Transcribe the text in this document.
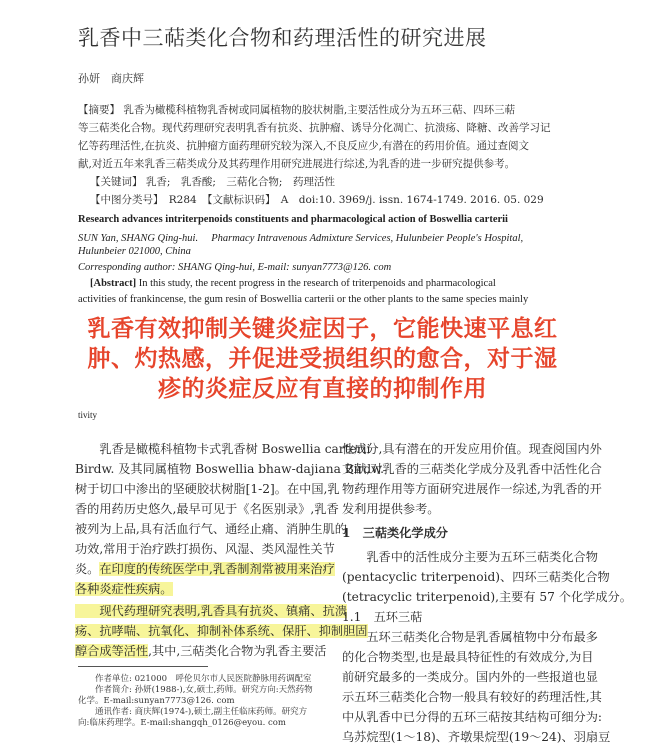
乳香中三萜类化合物和药理活性的研究进展
孙妍　商庆辉
【摘要】 乳香为橄榄科植物乳香树或同属植物的胶状树脂,主要活性成分为五环三萜、四环三萜
等三萜类化合物。现代药理研究表明乳香有抗炎、抗肿瘤、诱导分化凋亡、抗溃疡、降糖、改善学习记
忆等药理活性,在抗炎、抗肿瘤方面药理研究较为深入,不良反应少,有潜在的药用价值。通过查阅文
献,对近五年来乳香三萜类成分及其药理作用研究进展进行综述,为乳香的进一步研究提供参考。
【关键词】 乳香;　乳香酸;　三萜化合物;　药理活性
【中图分类号】　R284　【文献标识码】　A　doi:10. 3969/j. issn. 1674-1749. 2016. 05. 029
Research advances intriterpenoids constituents and pharmacological action of Boswellia carterii
SUN Yan, SHANG Qing-hui.　 Pharmacy Intravenous Admixture Services, Hulunbeier People's Hospital,
Hulunbeier 021000, China
Corresponding author: SHANG Qing-hui, E-mail: sunyan7773@126. com
[Abstract] In this study, the recent progress in the research of triterpenoids and pharmacological
activities of frankincense, the gum resin of Boswellia carterii or the other plants to the same species mainly
乳香有效抑制关键炎症因子，它能快速平息红
肿、灼热感，并促进受损组织的愈合，对于湿
疹的炎症反应有直接的抑制作用
tivity
　　乳香是橄榄科植物卡式乳香树 Boswellia carterii
Birdw. 及其同属植物 Boswellia bhaw-dajiana Birdw.
树于切口中渗出的坚硬胶状树脂[1-2]。在中国,乳
香的用药历史悠久,最早可见于《名医别录》,乳香
被列为上品,具有活血行气、通经止痛、消肿生肌的
功效,常用于治疗跌打损伤、风湿、类风湿性关节
炎。在印度的传统医学中,乳香制剂常被用来治疗
各种炎症性疾病。
　　现代药理研究表明,乳香具有抗炎、镇痛、抗溃
疡、抗哮喘、抗氧化、抑制补体系统、保肝、抑制胆固
醇合成等活性,其中,三萜类化合物为乳香主要活
　　作者单位: 021000　呼伦贝尔市人民医院静脉用药调配室
　　作者简介: 孙妍(1988-),女,硕士,药师。研究方向:天然药物
化学。E-mail:sunyan7773@126. com
　　通讯作者: 商庆辉(1974-),硕士,副主任临床药师。研究方
向:临床药理学。E-mail:shangqh_0126@eyou. com
性成分,具有潜在的开发应用价值。现查阅国内外
文献,对乳香的三萜类化学成分及乳香中活性化合
物药理作用等方面研究进展作一综述,为乳香的开
发利用提供参考。
1　三萜类化学成分
　　乳香中的活性成分主要为五环三萜类化合物
(pentacyclic triterpenoid)、四环三萜类化合物
(tetracyclic triterpenoid),主要有 57 个化学成分。
1.1　五环三萜
　　五环三萜类化合物是乳香属植物中分布最多
的化合物类型,也是最具特征性的有效成分,为目
前研究最多的一类成分。国内外的一些报道也显
示五环三萜类化合物一般具有较好的药理活性,其
中从乳香中已分得的五环三萜按其结构可细分为:
乌苏烷型(1～18)、齐墩果烷型(19～24)、羽扇豆
